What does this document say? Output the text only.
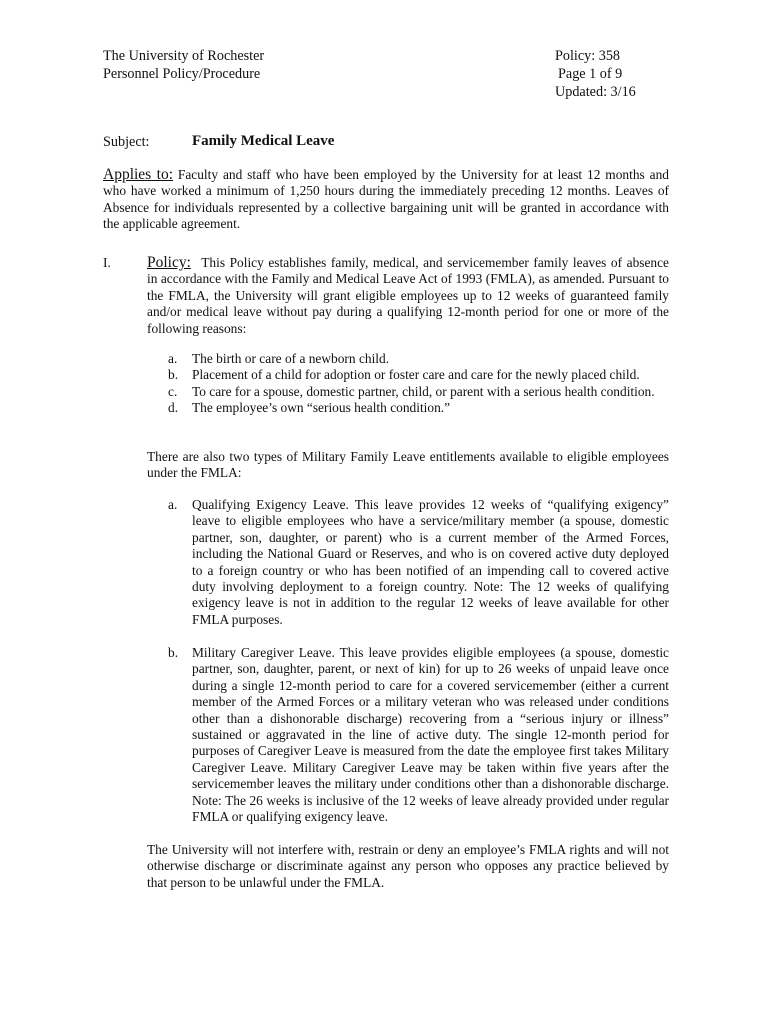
The University of Rochester
Personnel Policy/Procedure
Policy: 358
Page 1 of 9
Updated: 3/16
Subject:	Family Medical Leave
Applies to: Faculty and staff who have been employed by the University for at least 12 months and who have worked a minimum of 1,250 hours during the immediately preceding 12 months. Leaves of Absence for individuals represented by a collective bargaining unit will be granted in accordance with the applicable agreement.
I. Policy: This Policy establishes family, medical, and servicemember family leaves of absence in accordance with the Family and Medical Leave Act of 1993 (FMLA), as amended. Pursuant to the FMLA, the University will grant eligible employees up to 12 weeks of guaranteed family and/or medical leave without pay during a qualifying 12-month period for one or more of the following reasons:
a.	The birth or care of a newborn child.
b.	Placement of a child for adoption or foster care and care for the newly placed child.
c.	To care for a spouse, domestic partner, child, or parent with a serious health condition.
d.	The employee’s own “serious health condition.”
There are also two types of Military Family Leave entitlements available to eligible employees under the FMLA:
a.	Qualifying Exigency Leave. This leave provides 12 weeks of “qualifying exigency” leave to eligible employees who have a service/military member (a spouse, domestic partner, son, daughter, or parent) who is a current member of the Armed Forces, including the National Guard or Reserves, and who is on covered active duty deployed to a foreign country or who has been notified of an impending call to covered active duty involving deployment to a foreign country. Note: The 12 weeks of qualifying exigency leave is not in addition to the regular 12 weeks of leave available for other FMLA purposes.
b.	Military Caregiver Leave. This leave provides eligible employees (a spouse, domestic partner, son, daughter, parent, or next of kin) for up to 26 weeks of unpaid leave once during a single 12-month period to care for a covered servicemember (either a current member of the Armed Forces or a military veteran who was released under conditions other than a dishonorable discharge) recovering from a “serious injury or illness” sustained or aggravated in the line of active duty. The single 12-month period for purposes of Caregiver Leave is measured from the date the employee first takes Military Caregiver Leave. Military Caregiver Leave may be taken within five years after the servicemember leaves the military under conditions other than a dishonorable discharge. Note: The 26 weeks is inclusive of the 12 weeks of leave already provided under regular FMLA or qualifying exigency leave.
The University will not interfere with, restrain or deny an employee’s FMLA rights and will not otherwise discharge or discriminate against any person who opposes any practice believed by that person to be unlawful under the FMLA.
